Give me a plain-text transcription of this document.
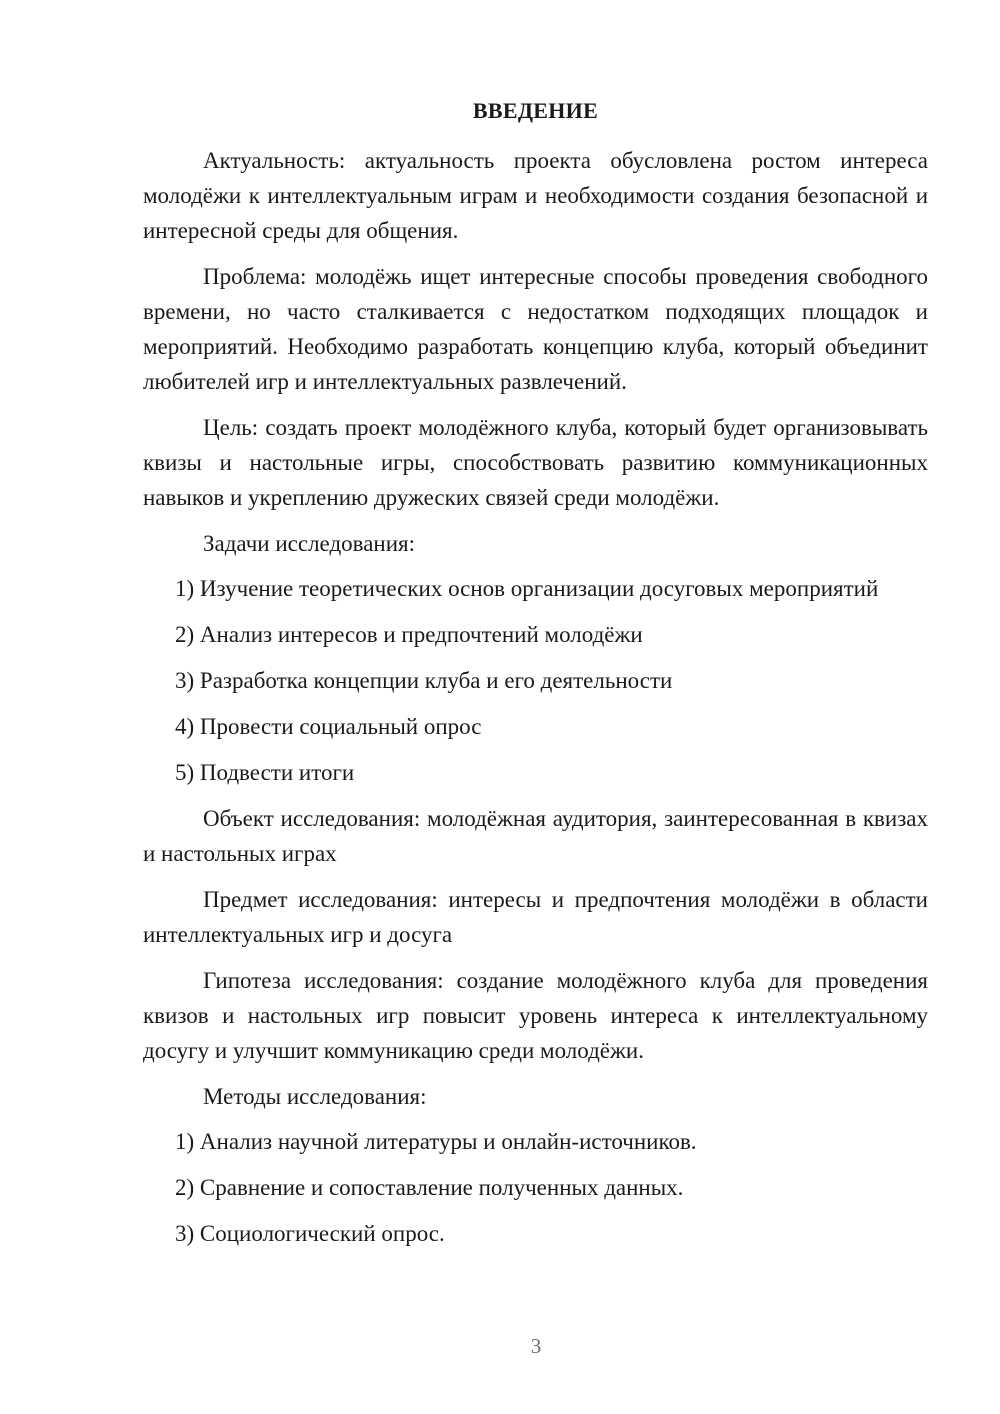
ВВЕДЕНИЕ

Актуальность: актуальность проекта обусловлена ростом интереса молодёжи к интеллектуальным играм и необходимости создания безопасной и интересной среды для общения.

Проблема: молодёжь ищет интересные способы проведения свободного времени, но часто сталкивается с недостатком подходящих площадок и мероприятий. Необходимо разработать концепцию клуба, который объединит любителей игр и интеллектуальных развлечений.

Цель: создать проект молодёжного клуба, который будет организовывать квизы и настольные игры, способствовать развитию коммуникационных навыков и укреплению дружеских связей среди молодёжи.

Задачи исследования:

1) Изучение теоретических основ организации досуговых мероприятий

2) Анализ интересов и предпочтений молодёжи

3) Разработка концепции клуба и его деятельности

4) Провести социальный опрос

5) Подвести итоги

Объект исследования: молодёжная аудитория, заинтересованная в квизах и настольных играх

Предмет исследования: интересы и предпочтения молодёжи в области интеллектуальных игр и досуга

Гипотеза исследования: создание молодёжного клуба для проведения квизов и настольных игр повысит уровень интереса к интеллектуальному досугу и улучшит коммуникацию среди молодёжи.

Методы исследования:

1) Анализ научной литературы и онлайн-источников.

2) Сравнение и сопоставление полученных данных.

3) Социологический опрос.

3
